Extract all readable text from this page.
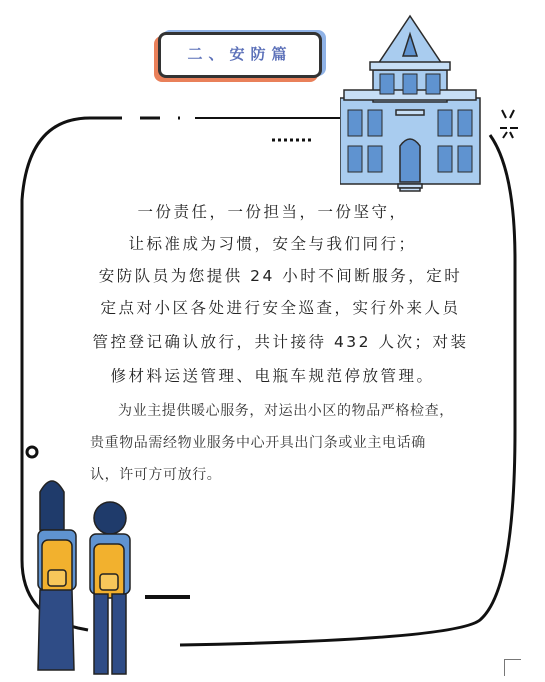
二、安防篇
一份责任，一份担当，一份坚守，
让标准成为习惯，安全与我们同行；
安防队员为您提供 24 小时不间断服务，定时
定点对小区各处进行安全巡查，实行外来人员
管控登记确认放行，共计接待 432 人次；对装
修材料运送管理、电瓶车规范停放管理。
为业主提供暖心服务，对运出小区的物品严格检查，
贵重物品需经物业服务中心开具出门条或业主电话确
认，许可方可放行。
